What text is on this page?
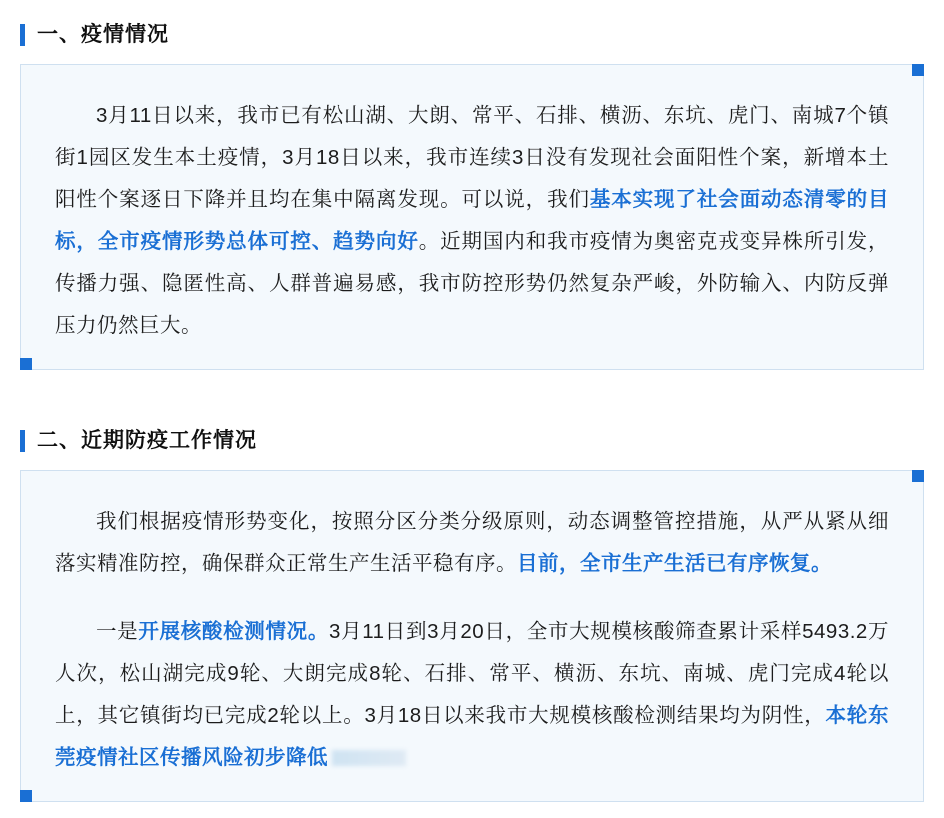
一、疫情情况

3月11日以来，我市已有松山湖、大朗、常平、石排、横沥、东坑、虎门、南城7个镇街1园区发生本土疫情，3月18日以来，我市连续3日没有发现社会面阳性个案，新增本土阳性个案逐日下降并且均在集中隔离发现。可以说，我们基本实现了社会面动态清零的目标，全市疫情形势总体可控、趋势向好。近期国内和我市疫情为奥密克戎变异株所引发，传播力强、隐匿性高、人群普遍易感，我市防控形势仍然复杂严峻，外防输入、内防反弹压力仍然巨大。

二、近期防疫工作情况

我们根据疫情形势变化，按照分区分类分级原则，动态调整管控措施，从严从紧从细落实精准防控，确保群众正常生产生活平稳有序。目前，全市生产生活已有序恢复。

一是开展核酸检测情况。3月11日到3月20日，全市大规模核酸筛查累计采样5493.2万人次，松山湖完成9轮、大朗完成8轮、石排、常平、横沥、东坑、南城、虎门完成4轮以上，其它镇街均已完成2轮以上。3月18日以来我市大规模核酸检测结果均为阴性，本轮东莞疫情社区传播风险初步降低
